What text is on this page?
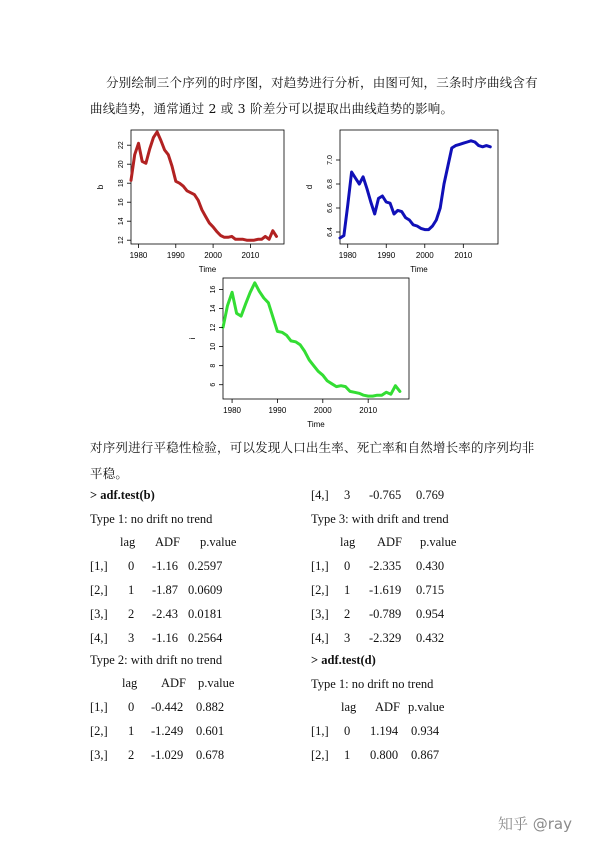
分别绘制三个序列的时序图，对趋势进行分析，由图可知，三条时序曲线含有
曲线趋势，通常通过 2 或 3 阶差分可以提取出曲线趋势的影响。
1980 1990 2000 2010
12
14
16
18
20
22
Time
b
1980	1990	2000	2010
6.4
6.6
6.8
7.0
Time
d
1980	1990	2000	2010
6
8
10
12
14
16
Time
i
对序列进行平稳性检验，可以发现人口出生率、死亡率和自然增长率的序列均非
平稳。
> adf.test(b)
Type 1: no drift no trend
lag ADF p.value
[1,] 0 -1.16 0.2597
[2,] 1 -1.87 0.0609
[3,] 2 -2.43 0.0181
[4,] 3 -1.16 0.2564
Type 2: with drift no trend
lag ADF p.value
[1,] 0 -0.442 0.882
[2,] 1 -1.249 0.601
[3,] 2 -1.029 0.678
[4,] 3 -0.765 0.769
Type 3: with drift and trend
lag ADF p.value
[1,] 0 -2.335 0.430
[2,] 1 -1.619 0.715
[3,] 2 -0.789 0.954
[4,] 3 -2.329 0.432
> adf.test(d)
Type 1: no drift no trend
lag ADF p.value
[1,] 0 1.194 0.934
[2,] 1 0.800 0.867
知乎 @ray
